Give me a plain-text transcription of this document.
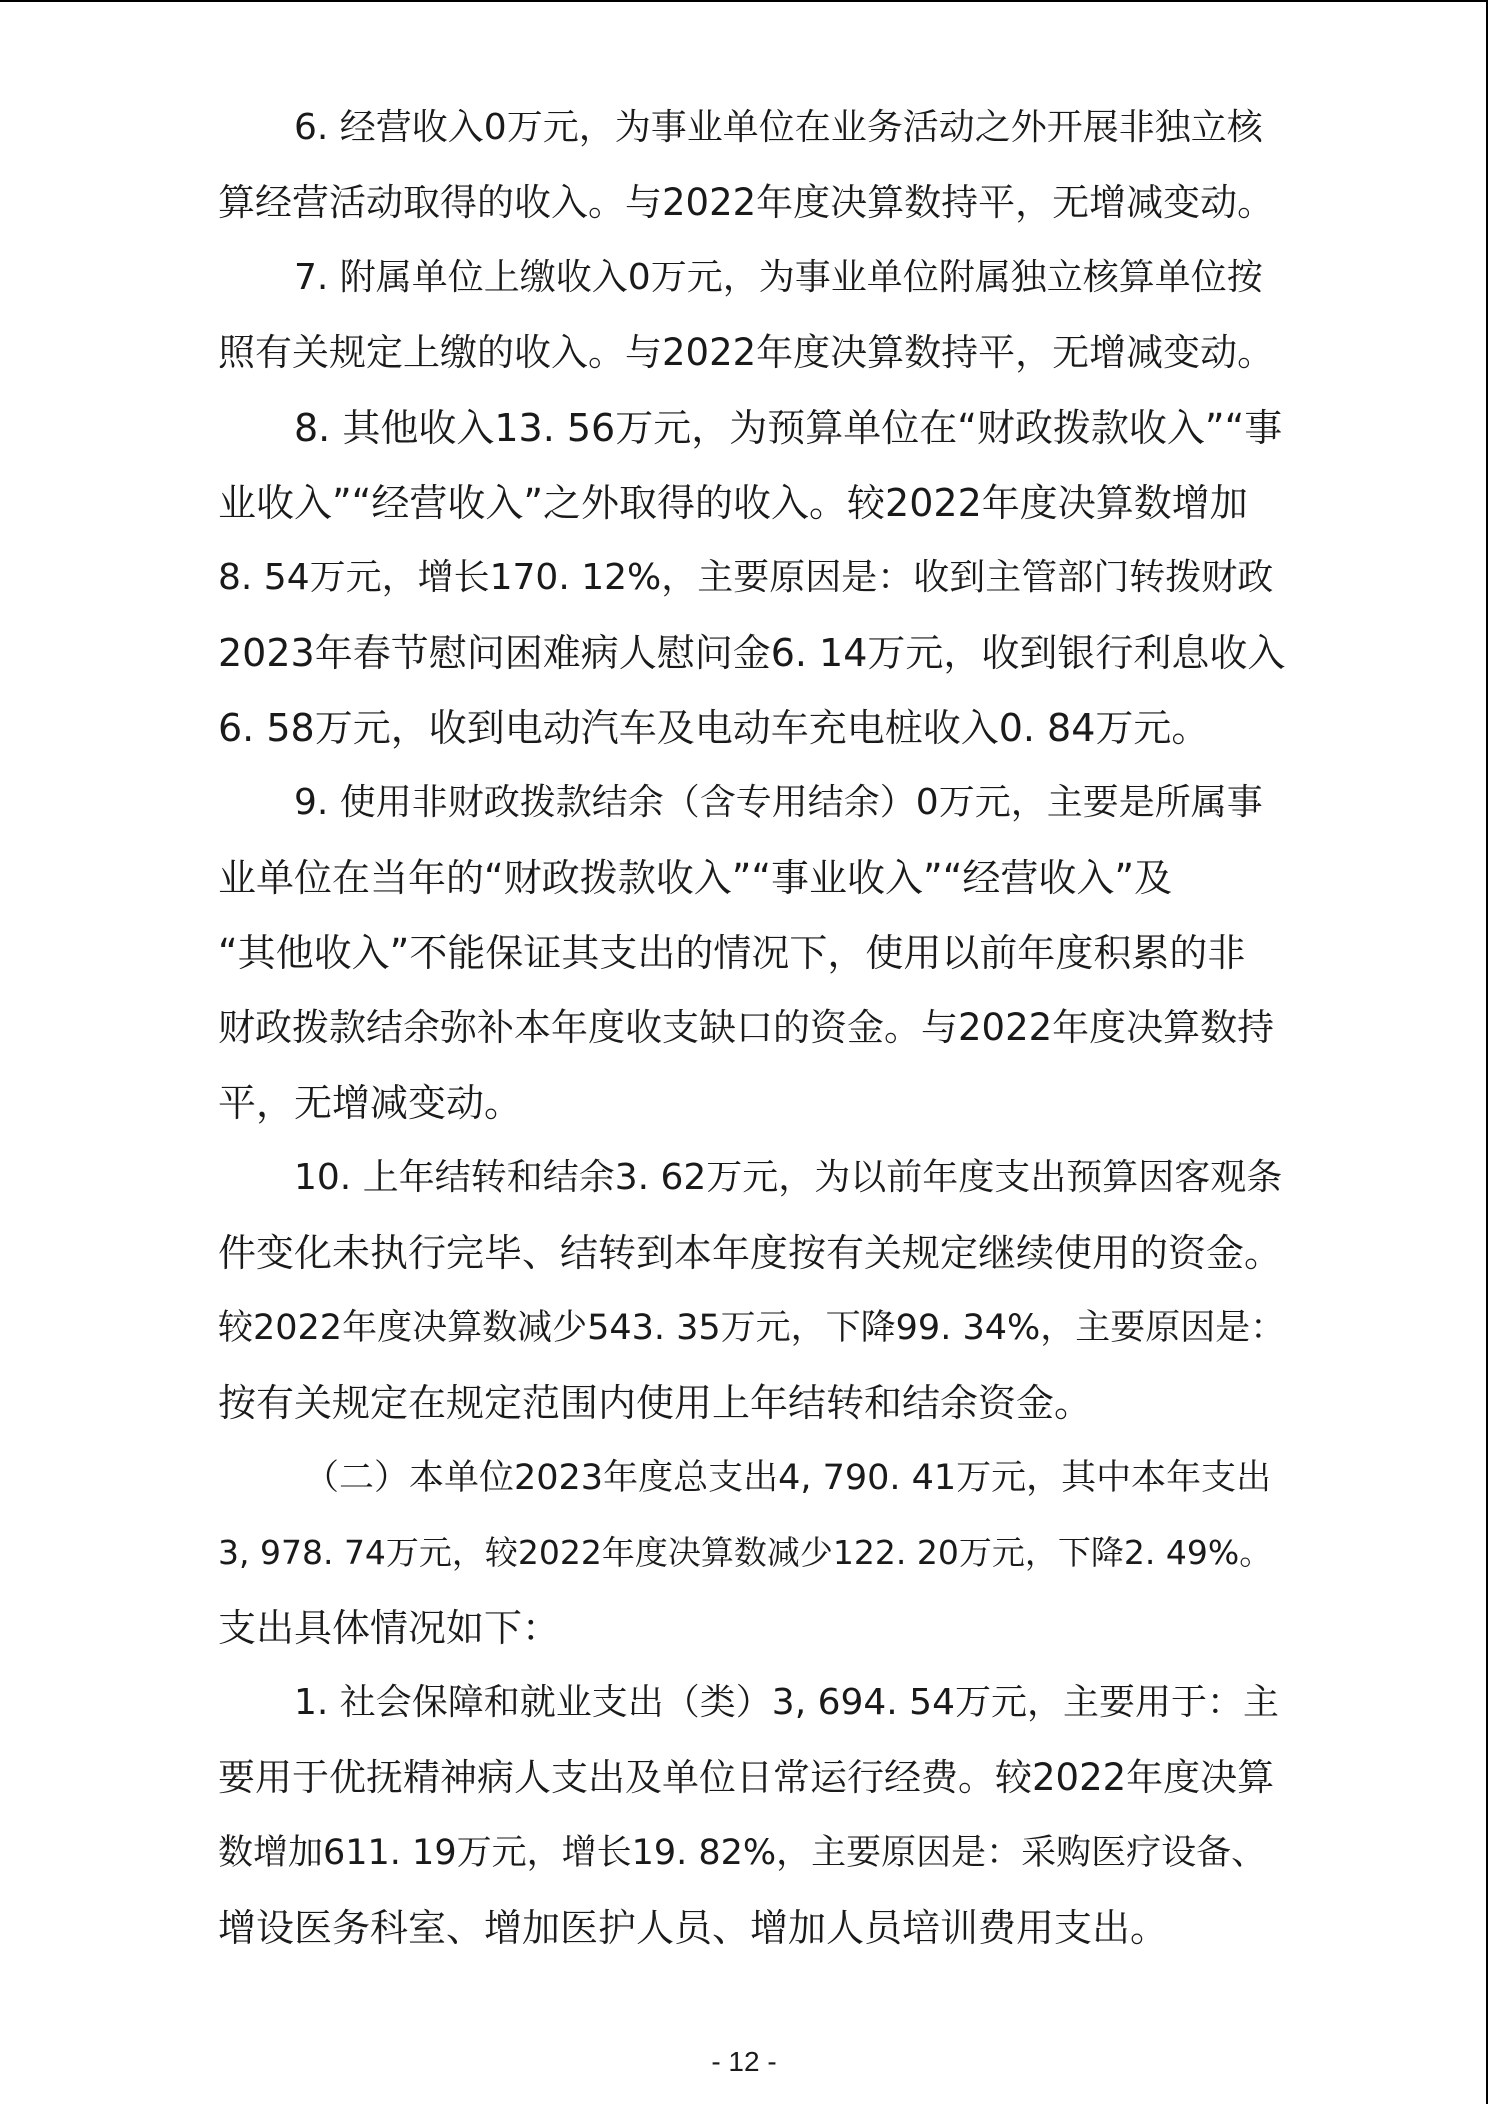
6. 经营收入0万元，为事业单位在业务活动之外开展非独立核
算经营活动取得的收入。与2022年度决算数持平，无增减变动。
7. 附属单位上缴收入0万元，为事业单位附属独立核算单位按
照有关规定上缴的收入。与2022年度决算数持平，无增减变动。
8. 其他收入13. 56万元，为预算单位在“财政拨款收入”“事
业收入”“经营收入”之外取得的收入。较2022年度决算数增加
8. 54万元，增长170. 12%，主要原因是：收到主管部门转拨财政
2023年春节慰问困难病人慰问金6. 14万元，收到银行利息收入
6. 58万元，收到电动汽车及电动车充电桩收入0. 84万元。
9. 使用非财政拨款结余（含专用结余）0万元，主要是所属事
业单位在当年的“财政拨款收入”“事业收入”“经营收入”及
“其他收入”不能保证其支出的情况下，使用以前年度积累的非
财政拨款结余弥补本年度收支缺口的资金。与2022年度决算数持
平，无增减变动。
10. 上年结转和结余3. 62万元，为以前年度支出预算因客观条
件变化未执行完毕、结转到本年度按有关规定继续使用的资金。
较2022年度决算数减少543. 35万元，下降99. 34%，主要原因是：
按有关规定在规定范围内使用上年结转和结余资金。
（二）本单位2023年度总支出4, 790. 41万元，其中本年支出
3, 978. 74万元，较2022年度决算数减少122. 20万元，下降2. 49%。
支出具体情况如下：
1. 社会保障和就业支出（类）3, 694. 54万元，主要用于：主
要用于优抚精神病人支出及单位日常运行经费。较2022年度决算
数增加611. 19万元，增长19. 82%，主要原因是：采购医疗设备、
增设医务科室、增加医护人员、增加人员培训费用支出。
- 12 -
